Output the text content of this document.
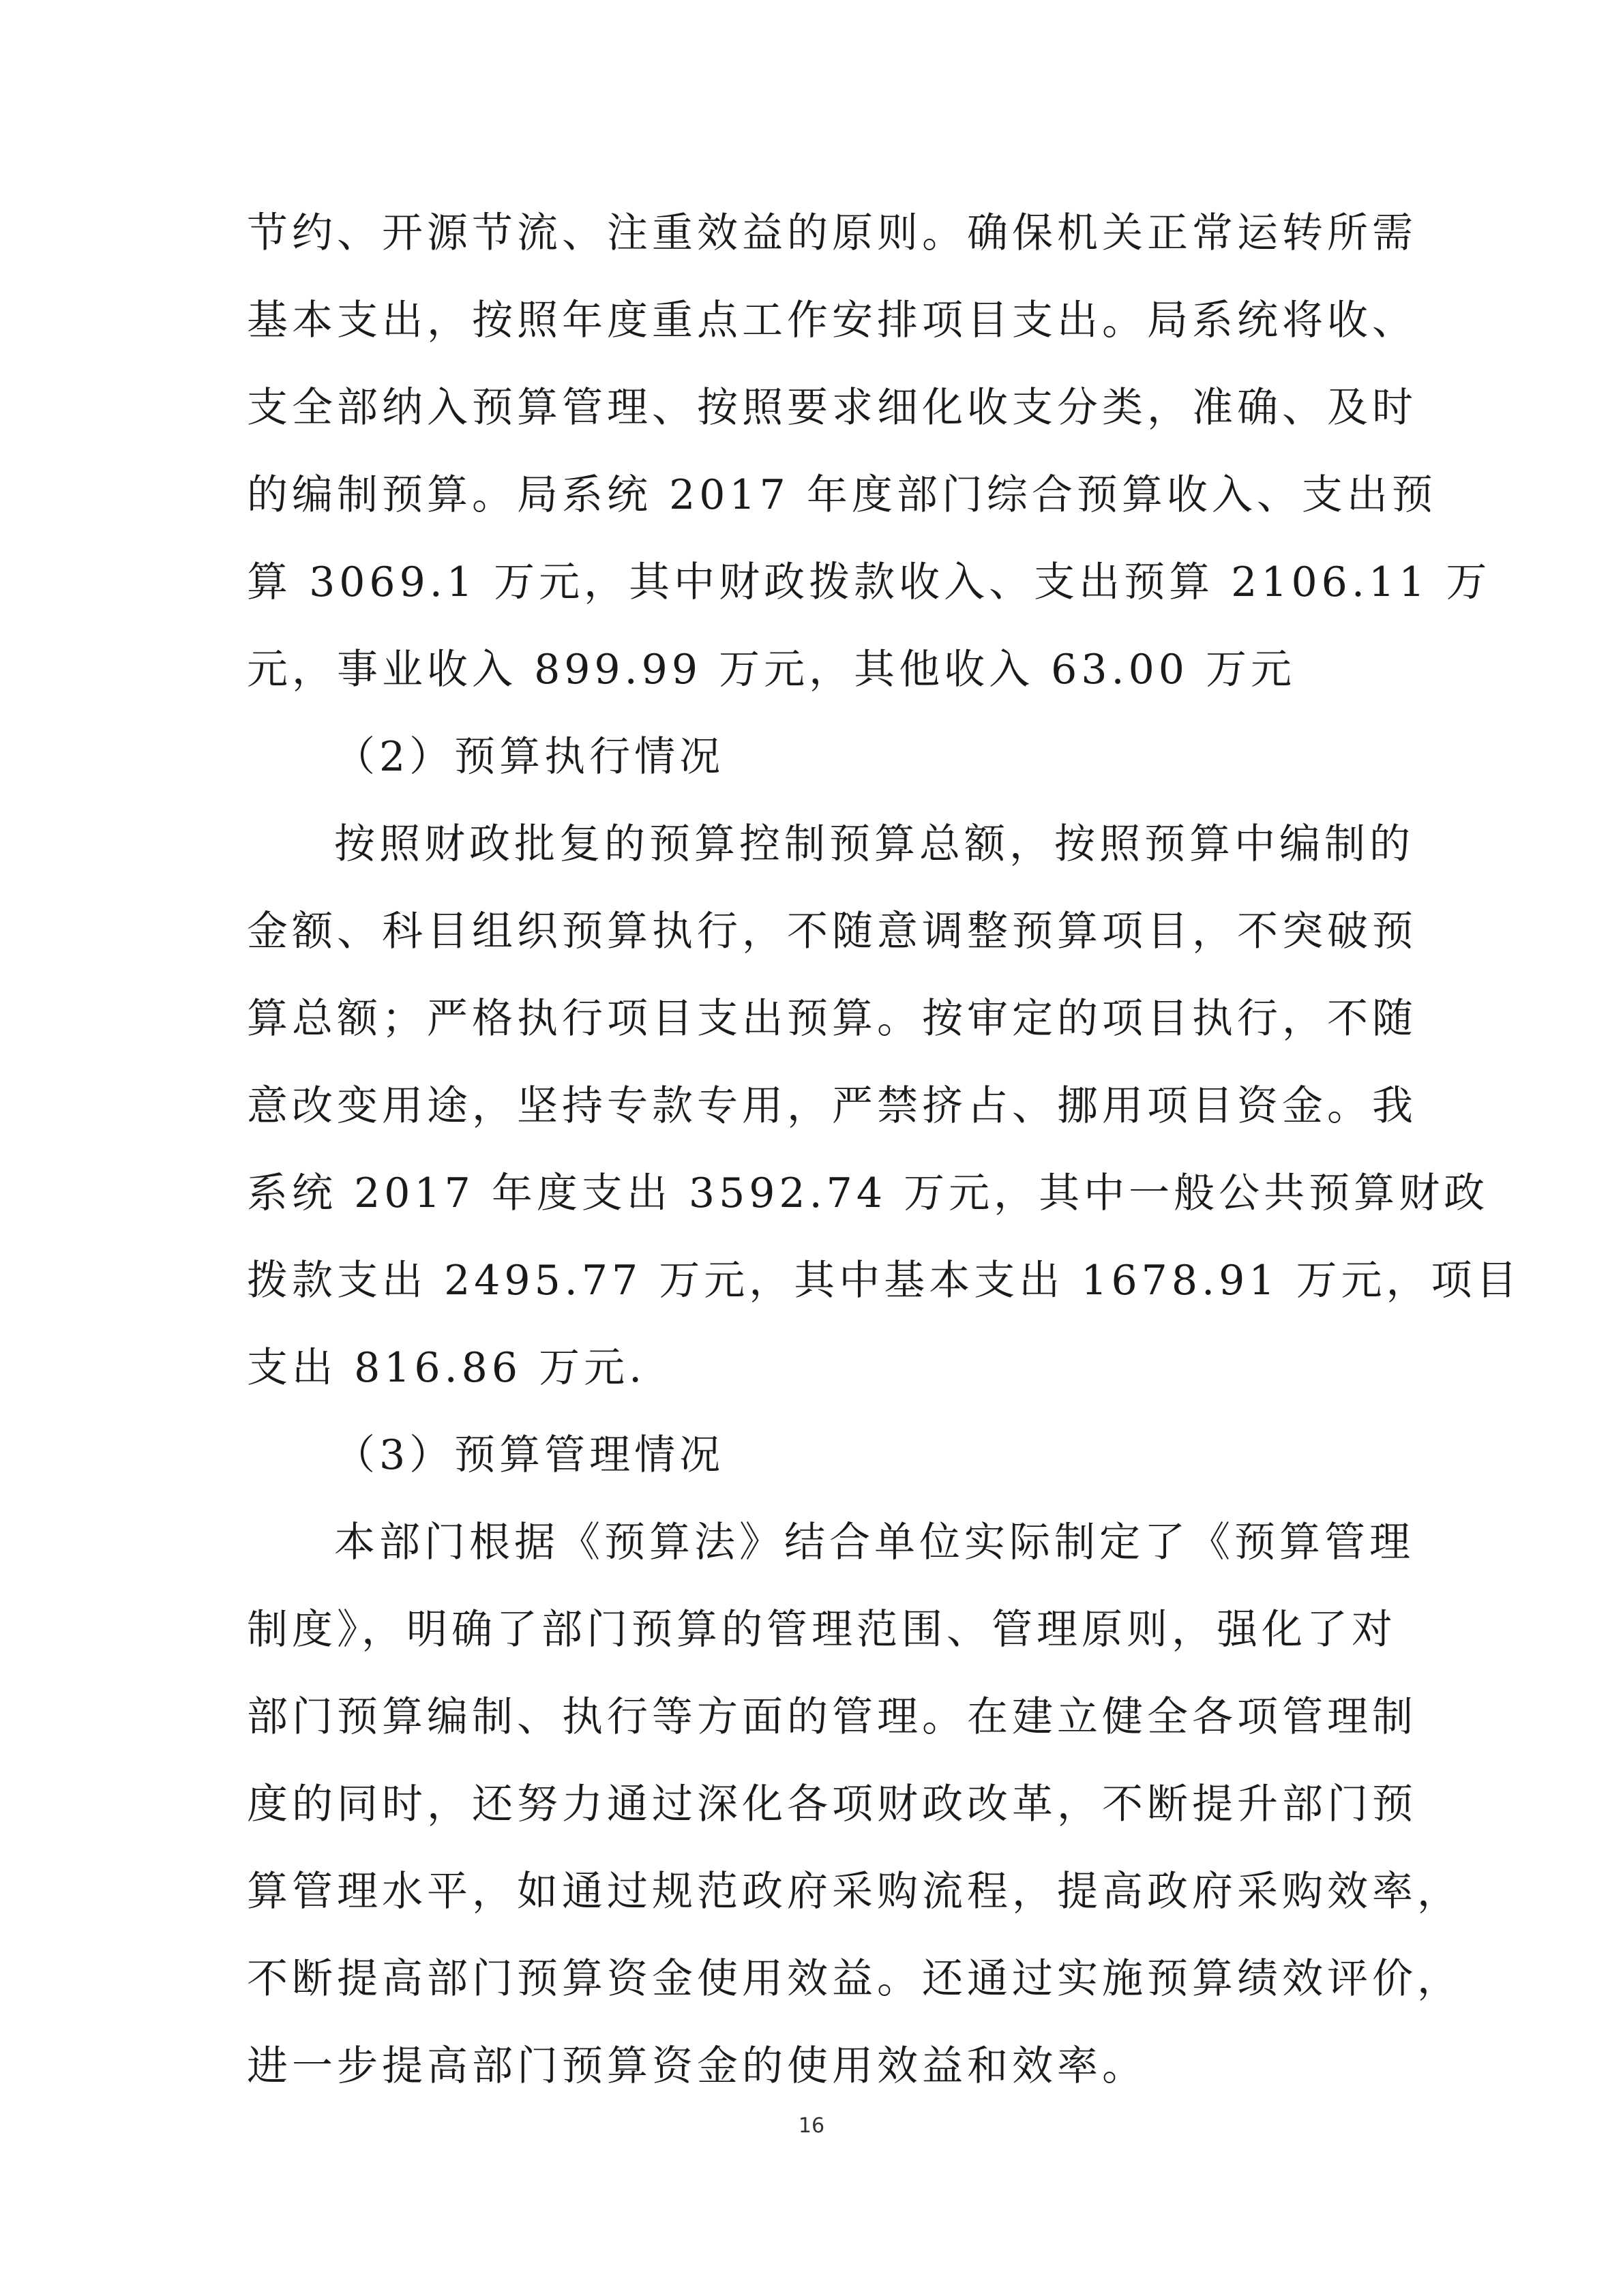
节约、开源节流、注重效益的原则。确保机关正常运转所需
基本支出，按照年度重点工作安排项目支出。局系统将收、
支全部纳入预算管理、按照要求细化收支分类，准确、及时
的编制预算。局系统 2017 年度部门综合预算收入、支出预
算 3069.1 万元，其中财政拨款收入、支出预算 2106.11 万
元，事业收入 899.99 万元，其他收入 63.00 万元
（2）预算执行情况
按照财政批复的预算控制预算总额，按照预算中编制的
金额、科目组织预算执行，不随意调整预算项目，不突破预
算总额；严格执行项目支出预算。按审定的项目执行，不随
意改变用途，坚持专款专用，严禁挤占、挪用项目资金。我
系统 2017 年度支出 3592.74 万元，其中一般公共预算财政
拨款支出 2495.77 万元，其中基本支出 1678.91 万元，项目
支出 816.86 万元.
（3）预算管理情况
本部门根据《预算法》结合单位实际制定了《预算管理
制度》，明确了部门预算的管理范围、管理原则，强化了对
部门预算编制、执行等方面的管理。在建立健全各项管理制
度的同时，还努力通过深化各项财政改革，不断提升部门预
算管理水平，如通过规范政府采购流程，提高政府采购效率，
不断提高部门预算资金使用效益。还通过实施预算绩效评价，
进一步提高部门预算资金的使用效益和效率。
16
